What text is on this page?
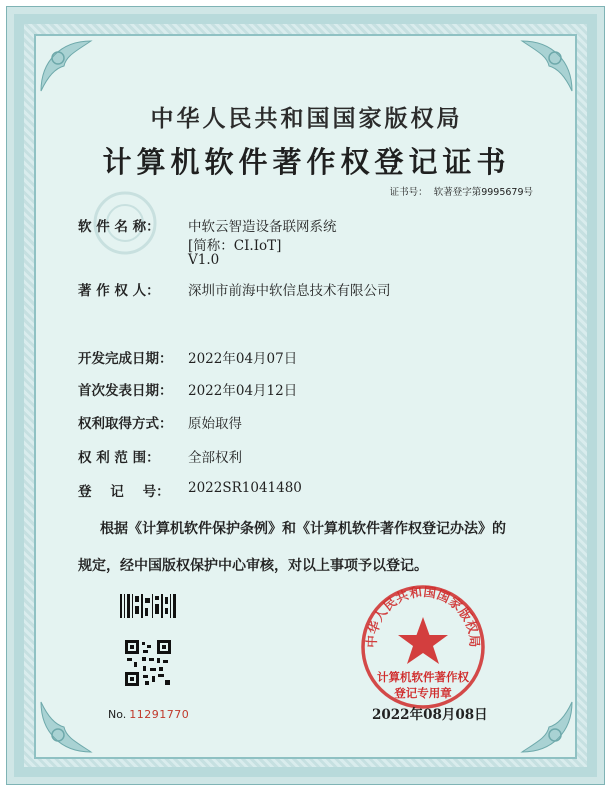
中华人民共和国国家版权局
计算机软件著作权登记证书
证书号： 软著登字第9995679号
软 件 名 称： 中软云智造设备联网系统
[简称：CI.IoT]
V1.0
著 作 权 人： 深圳市前海中软信息技术有限公司
开发完成日期： 2022年04月07日
首次发表日期： 2022年04月12日
权利取得方式： 原始取得
权 利 范 围： 全部权利
登    记    号： 2022SR1041480
根据《计算机软件保护条例》和《计算机软件著作权登记办法》的
规定，经中国版权保护中心审核，对以上事项予以登记。
No. 11291770
中华人民共和国国家版权局
计算机软件著作权
登记专用章
2022年08月08日
